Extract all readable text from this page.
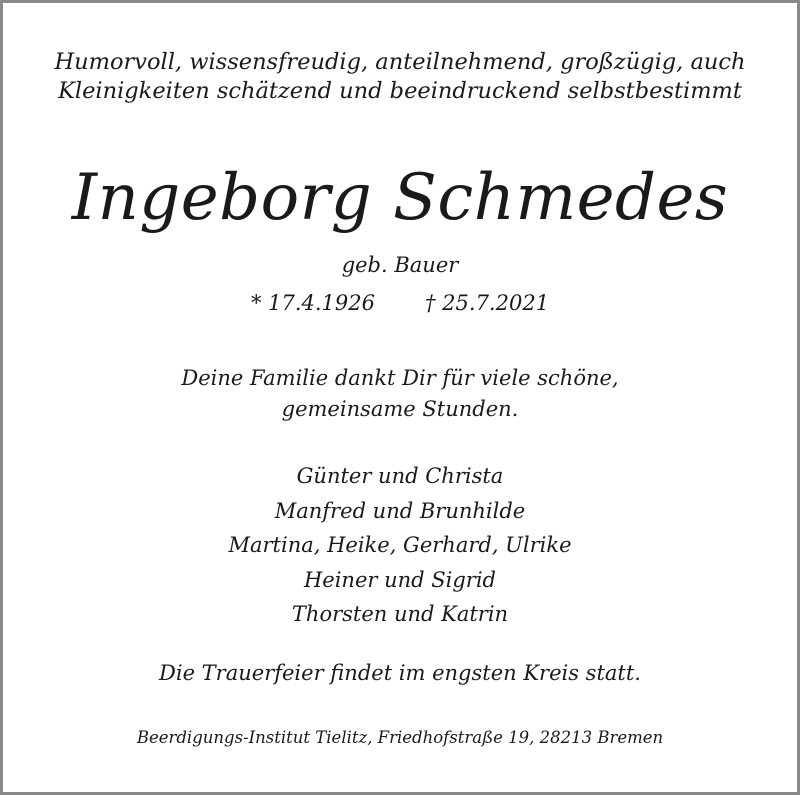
Humorvoll, wissensfreudig, anteilnehmend, großzügig, auch
Kleinigkeiten schätzend und beeindruckend selbstbestimmt

Ingeborg Schmedes

geb. Bauer

* 17.4.1926 † 25.7.2021

Deine Familie dankt Dir für viele schöne,
gemeinsame Stunden.

Günter und Christa
Manfred und Brunhilde
Martina, Heike, Gerhard, Ulrike
Heiner und Sigrid
Thorsten und Katrin

Die Trauerfeier findet im engsten Kreis statt.

Beerdigungs-Institut Tielitz, Friedhofstraße 19, 28213 Bremen
